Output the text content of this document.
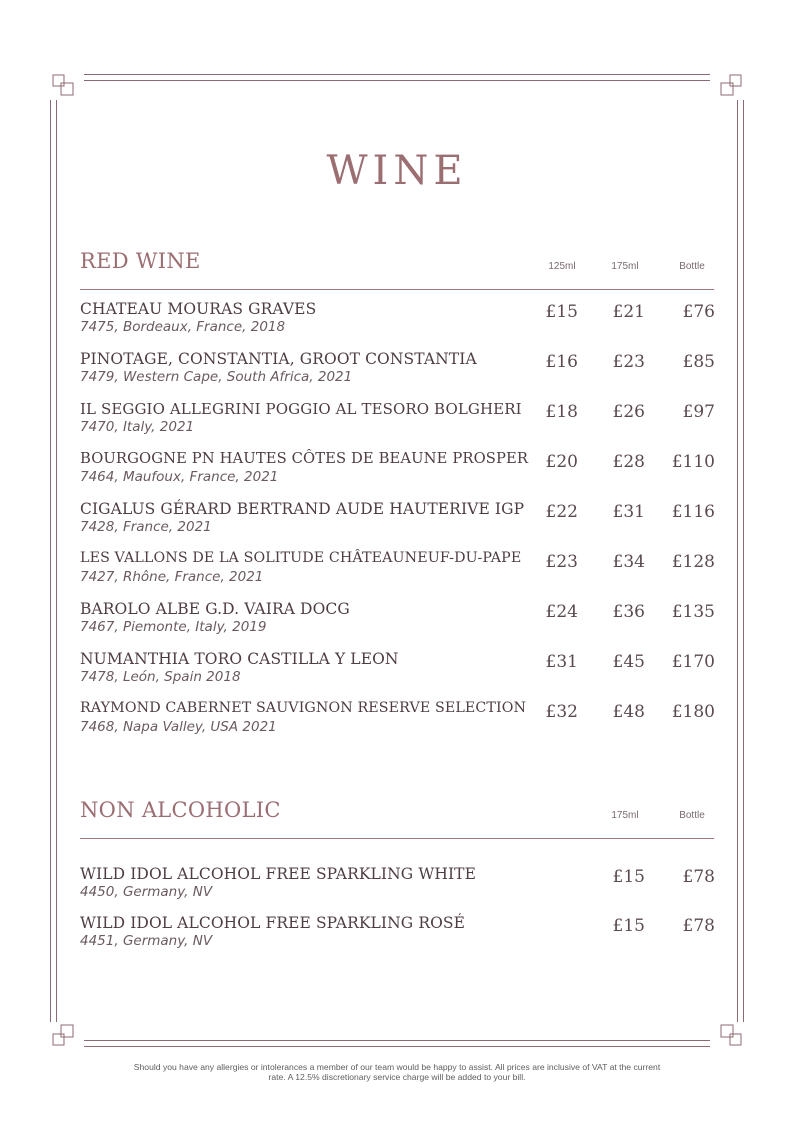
WINE
RED WINE	125ml	175ml	Bottle
CHATEAU MOURAS GRAVES
7475, Bordeaux, France, 2018
£15	£21	£76
PINOTAGE, CONSTANTIA, GROOT CONSTANTIA
7479, Western Cape, South Africa, 2021
£16	£23	£85
IL SEGGIO ALLEGRINI POGGIO AL TESORO BOLGHERI
7470, Italy, 2021
£18	£26	£97
BOURGOGNE PN HAUTES CÔTES DE BEAUNE PROSPER
7464, Maufoux, France, 2021
£20	£28	£110
CIGALUS GÉRARD BERTRAND AUDE HAUTERIVE IGP
7428, France, 2021
£22	£31	£116
LES VALLONS DE LA SOLITUDE CHÂTEAUNEUF-DU-PAPE
7427, Rhône, France, 2021
£23	£34	£128
BAROLO ALBE G.D. VAIRA DOCG
7467, Piemonte, Italy, 2019
£24	£36	£135
NUMANTHIA TORO CASTILLA Y LEON
7478, León, Spain 2018
£31	£45	£170
RAYMOND CABERNET SAUVIGNON RESERVE SELECTION
7468, Napa Valley, USA 2021
£32	£48	£180
NON ALCOHOLIC	175ml	Bottle
WILD IDOL ALCOHOL FREE SPARKLING WHITE
4450, Germany, NV
£15	£78
WILD IDOL ALCOHOL FREE SPARKLING ROSÉ
4451, Germany, NV
£15	£78
Should you have any allergies or intolerances a member of our team would be happy to assist. All prices are inclusive of VAT at the current
rate. A 12.5% discretionary service charge will be added to your bill.
